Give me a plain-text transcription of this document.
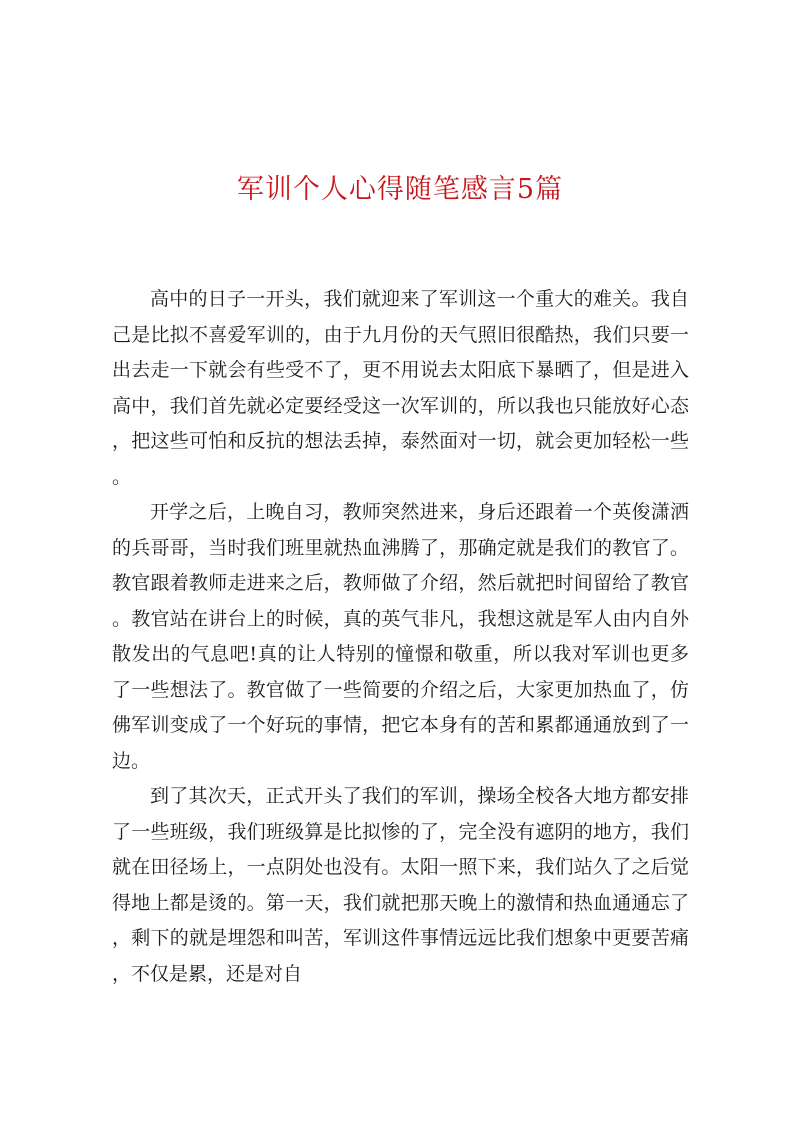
军训个人心得随笔感言5篇

高中的日子一开头，我们就迎来了军训这一个重大的难关。我自己是比拟不喜爱军训的，由于九月份的天气照旧很酷热，我们只要一出去走一下就会有些受不了，更不用说去太阳底下暴晒了，但是进入高中，我们首先就必定要经受这一次军训的，所以我也只能放好心态，把这些可怕和反抗的想法丢掉，泰然面对一切，就会更加轻松一些。

开学之后，上晚自习，教师突然进来，身后还跟着一个英俊潇洒的兵哥哥，当时我们班里就热血沸腾了，那确定就是我们的教官了。教官跟着教师走进来之后，教师做了介绍，然后就把时间留给了教官。教官站在讲台上的时候，真的英气非凡，我想这就是军人由内自外散发出的气息吧!真的让人特别的憧憬和敬重，所以我对军训也更多了一些想法了。教官做了一些简要的介绍之后，大家更加热血了，仿佛军训变成了一个好玩的事情，把它本身有的苦和累都通通放到了一边。

到了其次天，正式开头了我们的军训，操场全校各大地方都安排了一些班级，我们班级算是比拟惨的了，完全没有遮阴的地方，我们就在田径场上，一点阴处也没有。太阳一照下来，我们站久了之后觉得地上都是烫的。第一天，我们就把那天晚上的激情和热血通通忘了，剩下的就是埋怨和叫苦，军训这件事情远远比我们想象中更要苦痛，不仅是累，还是对自
